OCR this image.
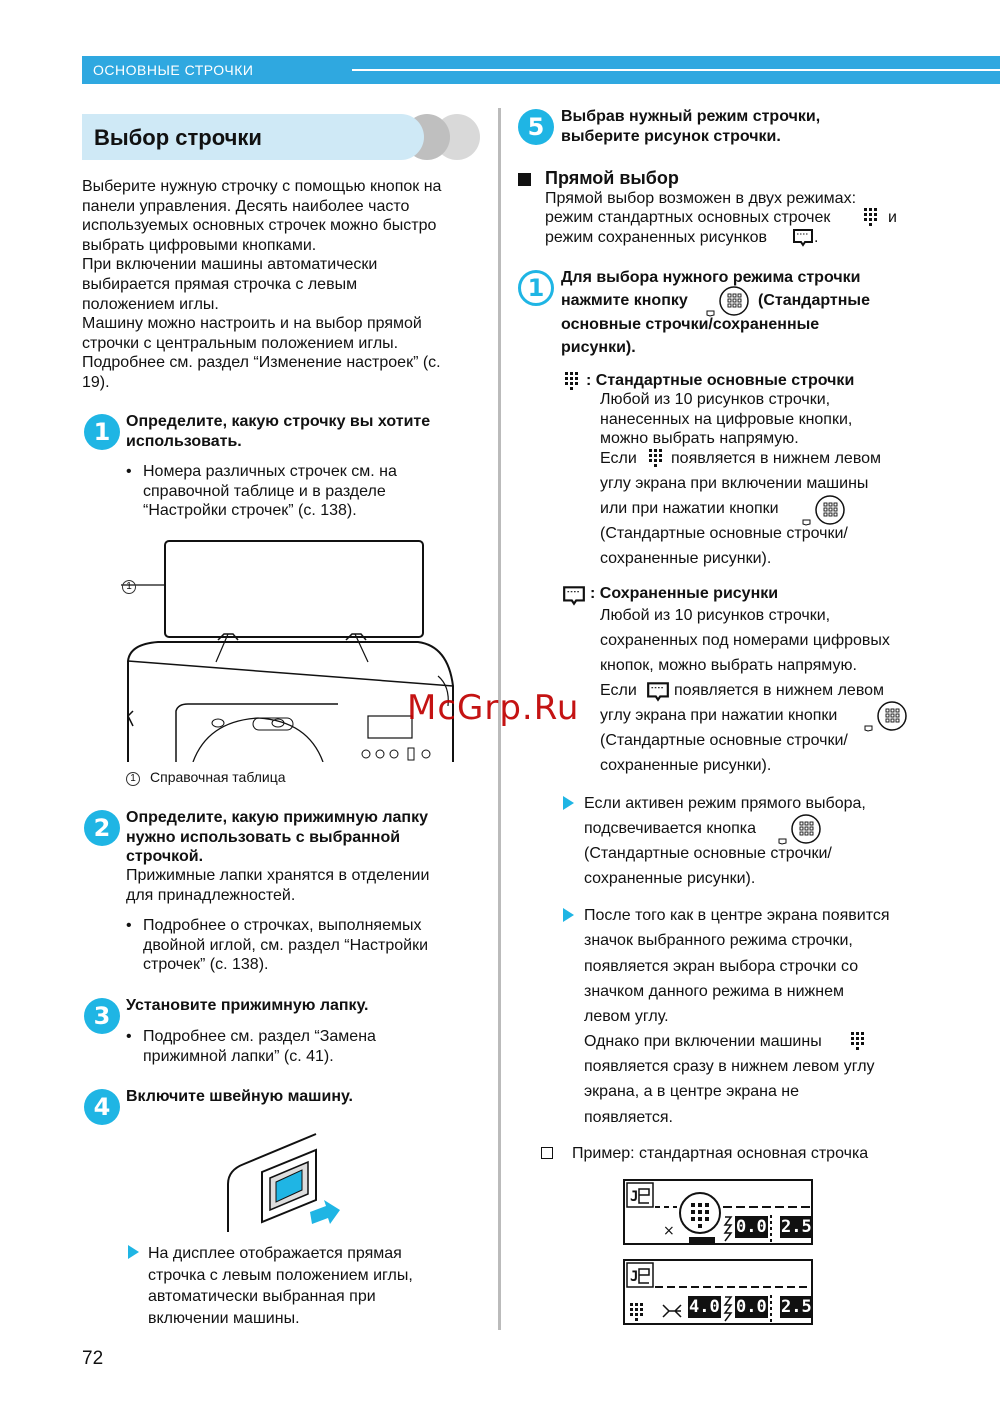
ОСНОВНЫЕ СТРОЧКИ
Выбор строчки
Выберите нужную строчку с помощью кнопок на
панели управления. Десять наиболее часто
используемых основных строчек можно быстро
выбрать цифровыми кнопками.
При включении машины автоматически
выбирается прямая строчка с левым
положением иглы.
Машину можно настроить и на выбор прямой
строчки с центральным положением иглы.
Подробнее см. раздел “Изменение настроек” (с.
19).
1 Определите, какую строчку вы хотите
использовать.
• Номера различных строчек см. на
справочной таблице и в разделе
“Настройки строчек” (с. 138).
1
1 Справочная таблица
2 Определите, какую прижимную лапку
нужно использовать с выбранной
строчкой.
Прижимные лапки хранятся в отделении
для принадлежностей.
• Подробнее о строчках, выполняемых
двойной иглой, см. раздел “Настройки
строчек” (с. 138).
3 Установите прижимную лапку.
• Подробнее см. раздел “Замена
прижимной лапки” (с. 41).
4 Включите швейную машину.
На дисплее отображается прямая
строчка с левым положением иглы,
автоматически выбранная при
включении машины.
72
5	Выбрав нужный режим строчки,
выберите рисунок строчки.
Прямой выбор
Прямой выбор возможен в двух режимах:
режим стандартных основных строчек	и
режим сохраненных рисунков	.
1	Для выбора нужного режима строчки
нажмите кнопку	(Стандартные
основные строчки/сохраненные
рисунки).
: Стандартные основные строчки
Любой из 10 рисунков строчки,
нанесенных на цифровые кнопки,
можно выбрать напрямую.
Если появляется в нижнем левом
углу экрана при включении машины
или при нажатии кнопки
(Стандартные основные строчки/
сохраненные рисунки).
: Сохраненные рисунки
Любой из 10 рисунков строчки,
сохраненных под номерами цифровых
кнопок, можно выбрать напрямую.
Если появляется в нижнем левом
углу экрана при нажатии кнопки
(Стандартные основные строчки/
сохраненные рисунки).
Если активен режим прямого выбора,
подсвечивается кнопка
(Стандартные основные строчки/
сохраненные рисунки).
После того как в центре экрана появится
значок выбранного режима строчки,
появляется экран выбора строчки со
значком данного режима в нижнем
левом углу.
Однако при включении машины
появляется сразу в нижнем левом углу
экрана, а в центре экрана не
появляется.
Пример: стандартная основная строчка
J
×	0.0 2.5
J
4.0 0.0 2.5
McGrp.Ru
